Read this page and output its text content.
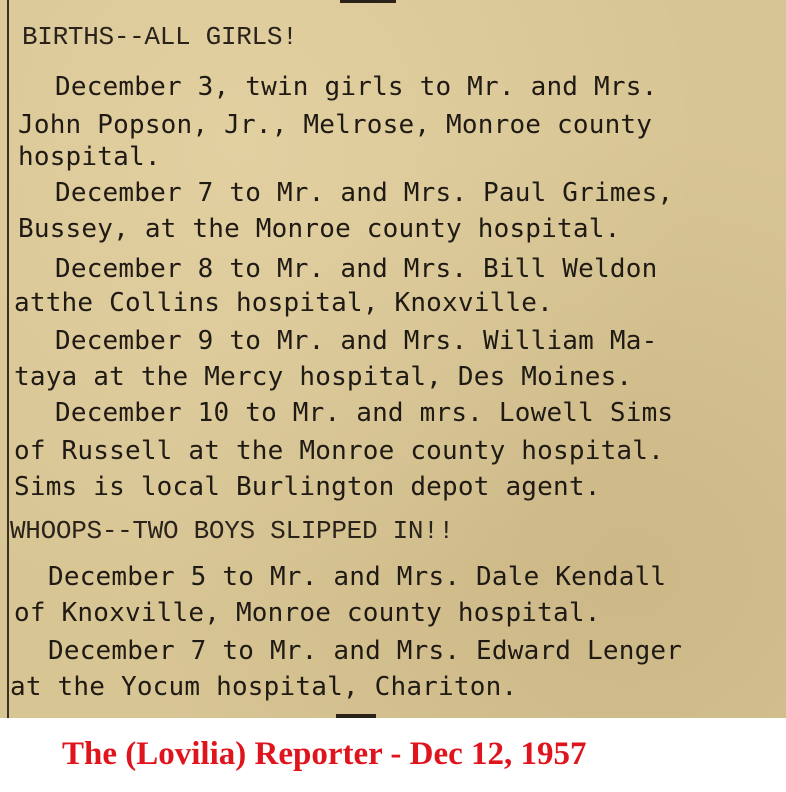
BIRTHS--ALL GIRLS!
December 3, twin girls to Mr. and Mrs.
John Popson, Jr., Melrose, Monroe county
hospital.
December 7 to Mr. and Mrs. Paul Grimes,
Bussey, at the Monroe county hospital.
December 8 to Mr. and Mrs. Bill Weldon
atthe Collins hospital, Knoxville.
December 9 to Mr. and Mrs. William Ma-
taya at the Mercy hospital, Des Moines.
December 10 to Mr. and mrs. Lowell Sims
of Russell at the Monroe county hospital.
Sims is local Burlington depot agent.
WHOOPS--TWO BOYS SLIPPED IN!!
December 5 to Mr. and Mrs. Dale Kendall
of Knoxville, Monroe county hospital.
December 7 to Mr. and Mrs. Edward Lenger
at the Yocum hospital, Chariton.
The (Lovilia) Reporter - Dec 12, 1957
